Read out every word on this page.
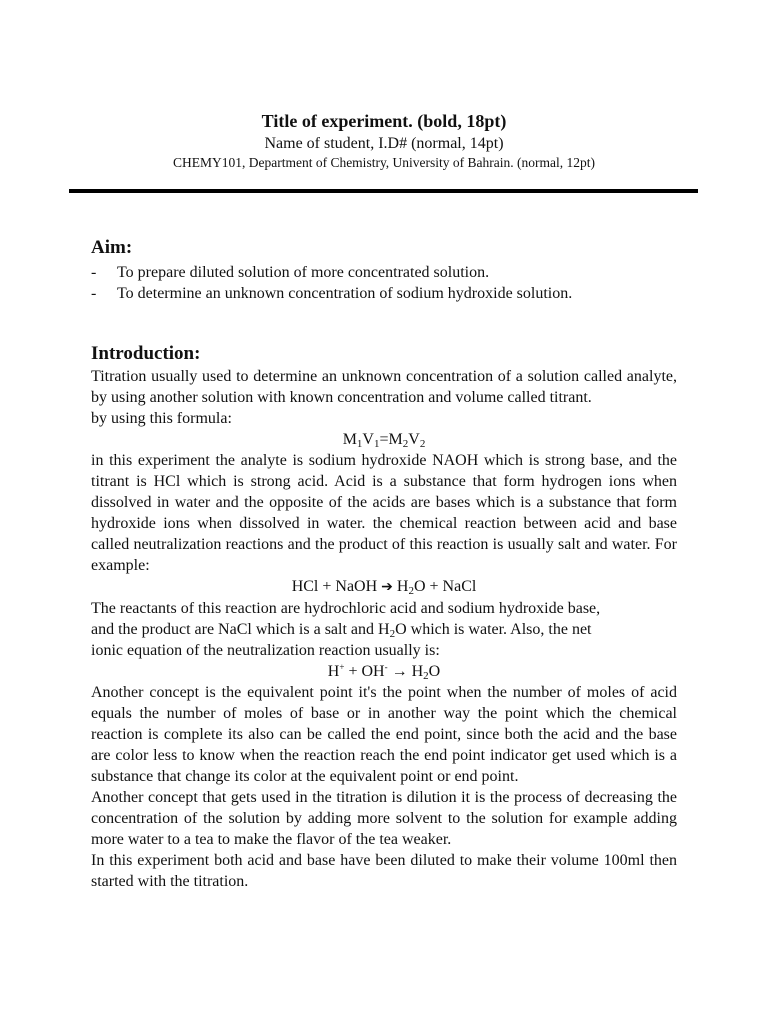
Title of experiment. (bold, 18pt)

Name of student, I.D# (normal, 14pt)

CHEMY101, Department of Chemistry, University of Bahrain. (normal, 12pt)

Aim:
- To prepare diluted solution of more concentrated solution.
- To determine an unknown concentration of sodium hydroxide solution.
Introduction:

Titration usually used to determine an unknown concentration of a solution called analyte, by using another solution with known concentration and volume called titrant.

by using this formula:

$M_1V_1=M_2V_2$

in this experiment the analyte is sodium hydroxide NAOH which is strong base, and the titrant is HCl which is strong acid. Acid is a substance that form hydrogen ions when dissolved in water and the opposite of the acids are bases which is a substance that form hydroxide ions when dissolved in water. the chemical reaction between acid and base called neutralization reactions and the product of this reaction is usually salt and water. For example:

HCl + NaOH ➔ $H_2O$ + NaCl

The reactants of this reaction are hydrochloric acid and sodium hydroxide base,

and the product are NaCl which is a salt and $H_2O$ which is water. Also, the net

ionic equation of the neutralization reaction usually is:

$H^+ + OH^- \to H_2O$

Another concept is the equivalent point it's the point when the number of moles of acid equals the number of moles of base or in another way the point which the chemical reaction is complete its also can be called the end point, since both the acid and the base are color less to know when the reaction reach the end point indicator get used which is a substance that change its color at the equivalent point or end point.

Another concept that gets used in the titration is dilution it is the process of decreasing the concentration of the solution by adding more solvent to the solution for example adding more water to a tea to make the flavor of the tea weaker.

In this experiment both acid and base have been diluted to make their volume 100ml then started with the titration.
